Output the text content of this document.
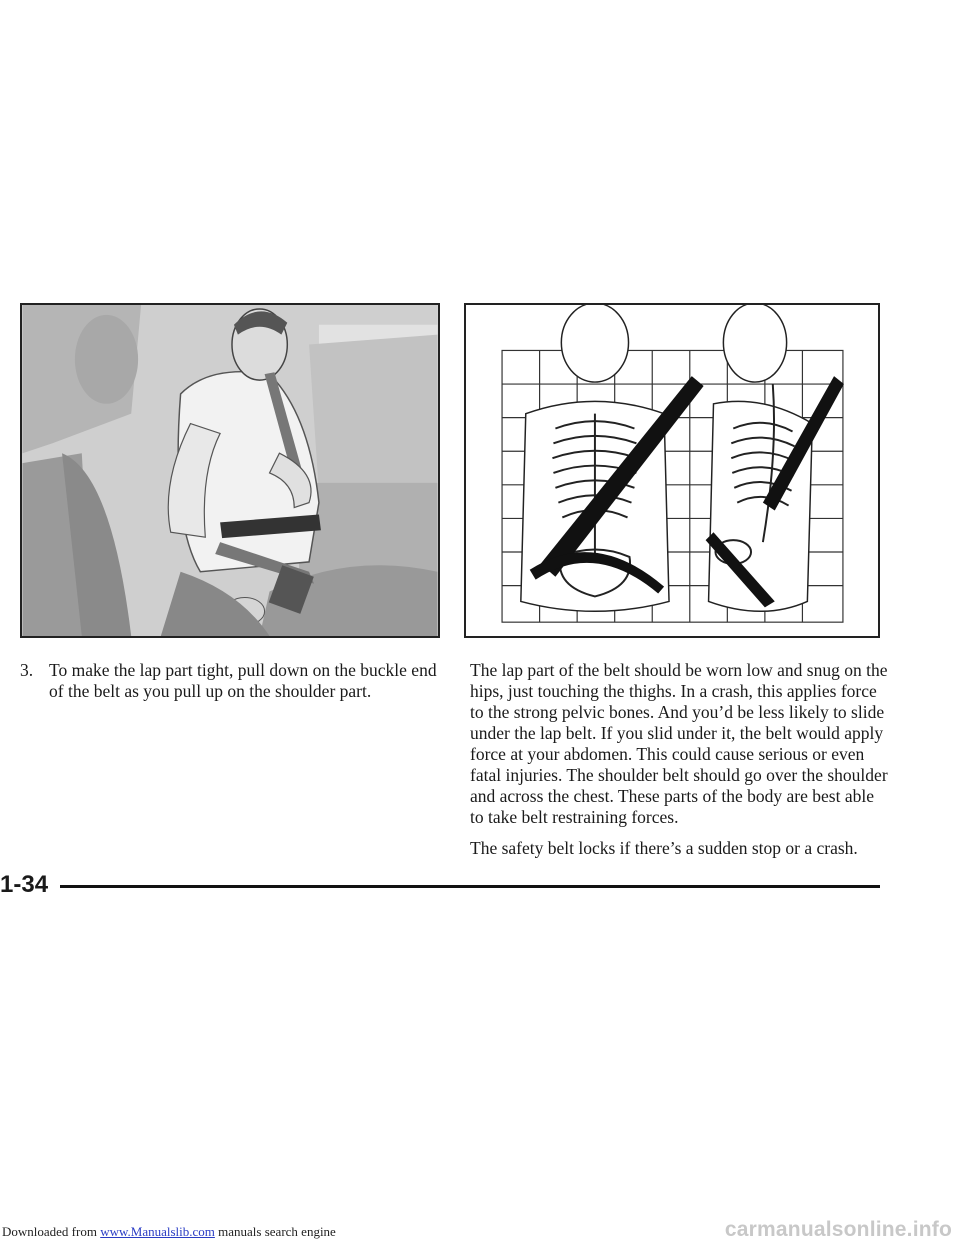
3. To make the lap part tight, pull down on the buckle end of the belt as you pull up on the shoulder part.

The lap part of the belt should be worn low and snug on the hips, just touching the thighs. In a crash, this applies force to the strong pelvic bones. And you’d be less likely to slide under the lap belt. If you slid under it, the belt would apply force at your abdomen. This could cause serious or even fatal injuries. The shoulder belt should go over the shoulder and across the chest. These parts of the body are best able to take belt restraining forces.

The safety belt locks if there’s a sudden stop or a crash.

1-34
Downloaded from www.Manualslib.com manuals search engine	carmanualsonline.info
